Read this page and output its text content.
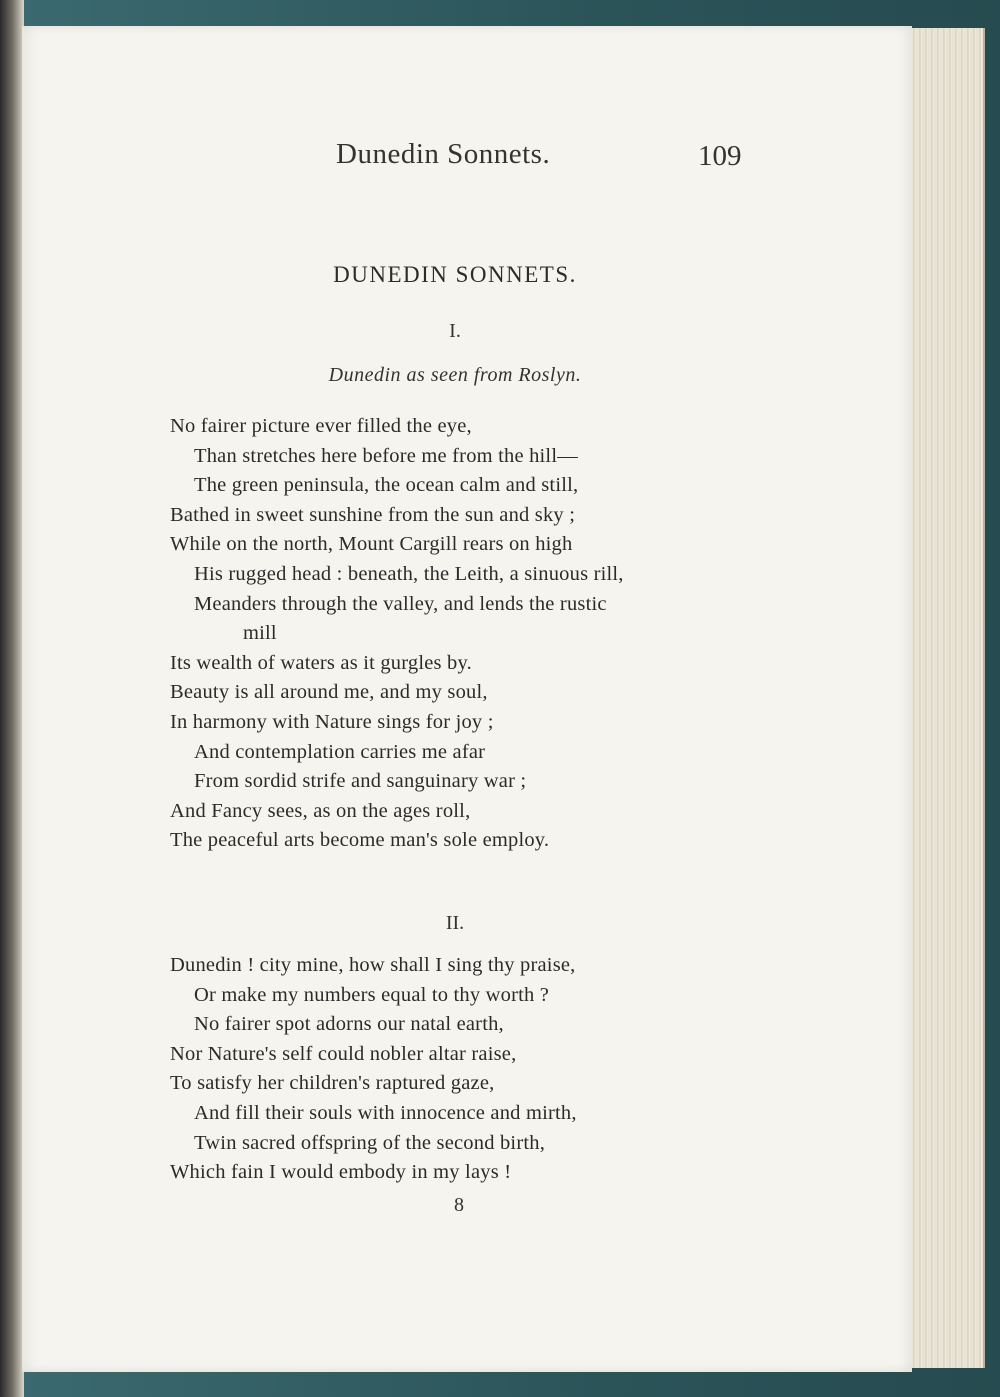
Dunedin Sonnets.	109
DUNEDIN SONNETS.
I.
Dunedin as seen from Roslyn.
No fairer picture ever filled the eye,
Than stretches here before me from the hill—
The green peninsula, the ocean calm and still,
Bathed in sweet sunshine from the sun and sky ;
While on the north, Mount Cargill rears on high
His rugged head : beneath, the Leith, a sinuous rill,
Meanders through the valley, and lends the rustic
mill
Its wealth of waters as it gurgles by.
Beauty is all around me, and my soul,
In harmony with Nature sings for joy ;
And contemplation carries me afar
From sordid strife and sanguinary war ;
And Fancy sees, as on the ages roll,
The peaceful arts become man's sole employ.
II.
Dunedin ! city mine, how shall I sing thy praise,
Or make my numbers equal to thy worth ?
No fairer spot adorns our natal earth,
Nor Nature's self could nobler altar raise,
To satisfy her children's raptured gaze,
And fill their souls with innocence and mirth,
Twin sacred offspring of the second birth,
Which fain I would embody in my lays !
8
